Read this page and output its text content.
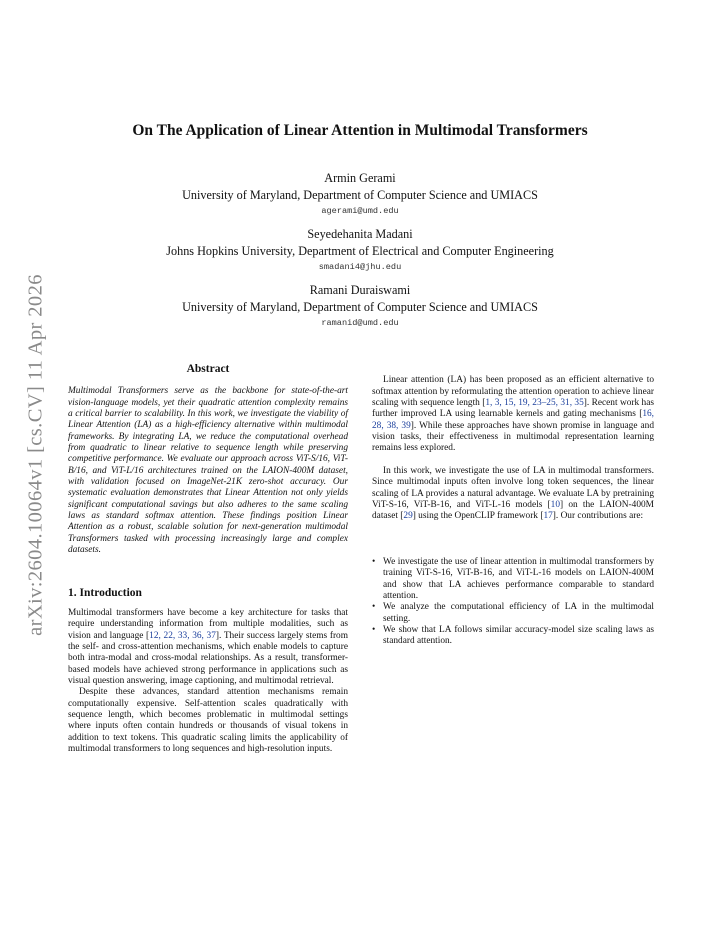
arXiv:2604.10064v1 [cs.CV] 11 Apr 2026
On The Application of Linear Attention in Multimodal Transformers
Armin Gerami
University of Maryland, Department of Computer Science and UMIACS
agerami@umd.edu
Seyedehanita Madani
Johns Hopkins University, Department of Electrical and Computer Engineering
smadani4@jhu.edu
Ramani Duraiswami
University of Maryland, Department of Computer Science and UMIACS
ramanid@umd.edu
Abstract

Multimodal Transformers serve as the backbone for state-of-the-art vision-language models, yet their quadratic attention complexity remains a critical barrier to scalability. In this work, we investigate the viability of Linear Attention (LA) as a high-efficiency alternative within multimodal frameworks. By integrating LA, we reduce the computational overhead from quadratic to linear relative to sequence length while preserving competitive performance. We evaluate our approach across ViT-S/16, ViT-B/16, and ViT-L/16 architectures trained on the LAION-400M dataset, with validation focused on ImageNet-21K zero-shot accuracy. Our systematic evaluation demonstrates that Linear Attention not only yields significant computational savings but also adheres to the same scaling laws as standard softmax attention. These findings position Linear Attention as a robust, scalable solution for next-generation multimodal Transformers tasked with processing increasingly large and complex datasets.

1. Introduction

Multimodal transformers have become a key architecture for tasks that require understanding information from multiple modalities, such as vision and language [12, 22, 33, 36, 37]. Their success largely stems from the self- and cross-attention mechanisms, which enable models to capture both intra-modal and cross-modal relationships. As a result, transformer-based models have achieved strong performance in applications such as visual question answering, image captioning, and multimodal retrieval.

Despite these advances, standard attention mechanisms remain computationally expensive. Self-attention scales quadratically with sequence length, which becomes problematic in multimodal settings where inputs often contain hundreds or thousands of visual tokens in addition to text tokens. This quadratic scaling limits the applicability of multimodal transformers to long sequences and high-resolution inputs.

Linear attention (LA) has been proposed as an efficient alternative to softmax attention by reformulating the attention operation to achieve linear scaling with sequence length [1, 3, 15, 19, 23–25, 31, 35]. Recent work has further improved LA using learnable kernels and gating mechanisms [16, 28, 38, 39]. While these approaches have shown promise in language and vision tasks, their effectiveness in multimodal representation learning remains less explored.

In this work, we investigate the use of LA in multimodal transformers. Since multimodal inputs often involve long token sequences, the linear scaling of LA provides a natural advantage. We evaluate LA by pretraining ViT-S-16, ViT-B-16, and ViT-L-16 models [10] on the LAION-400M dataset [29] using the OpenCLIP framework [17]. Our contributions are:

• We investigate the use of linear attention in multimodal transformers by training ViT-S-16, ViT-B-16, and ViT-L-16 models on LAION-400M and show that LA achieves performance comparable to standard attention.
• We analyze the computational efficiency of LA in the multimodal setting.
• We show that LA follows similar accuracy-model size scaling laws as standard attention.
